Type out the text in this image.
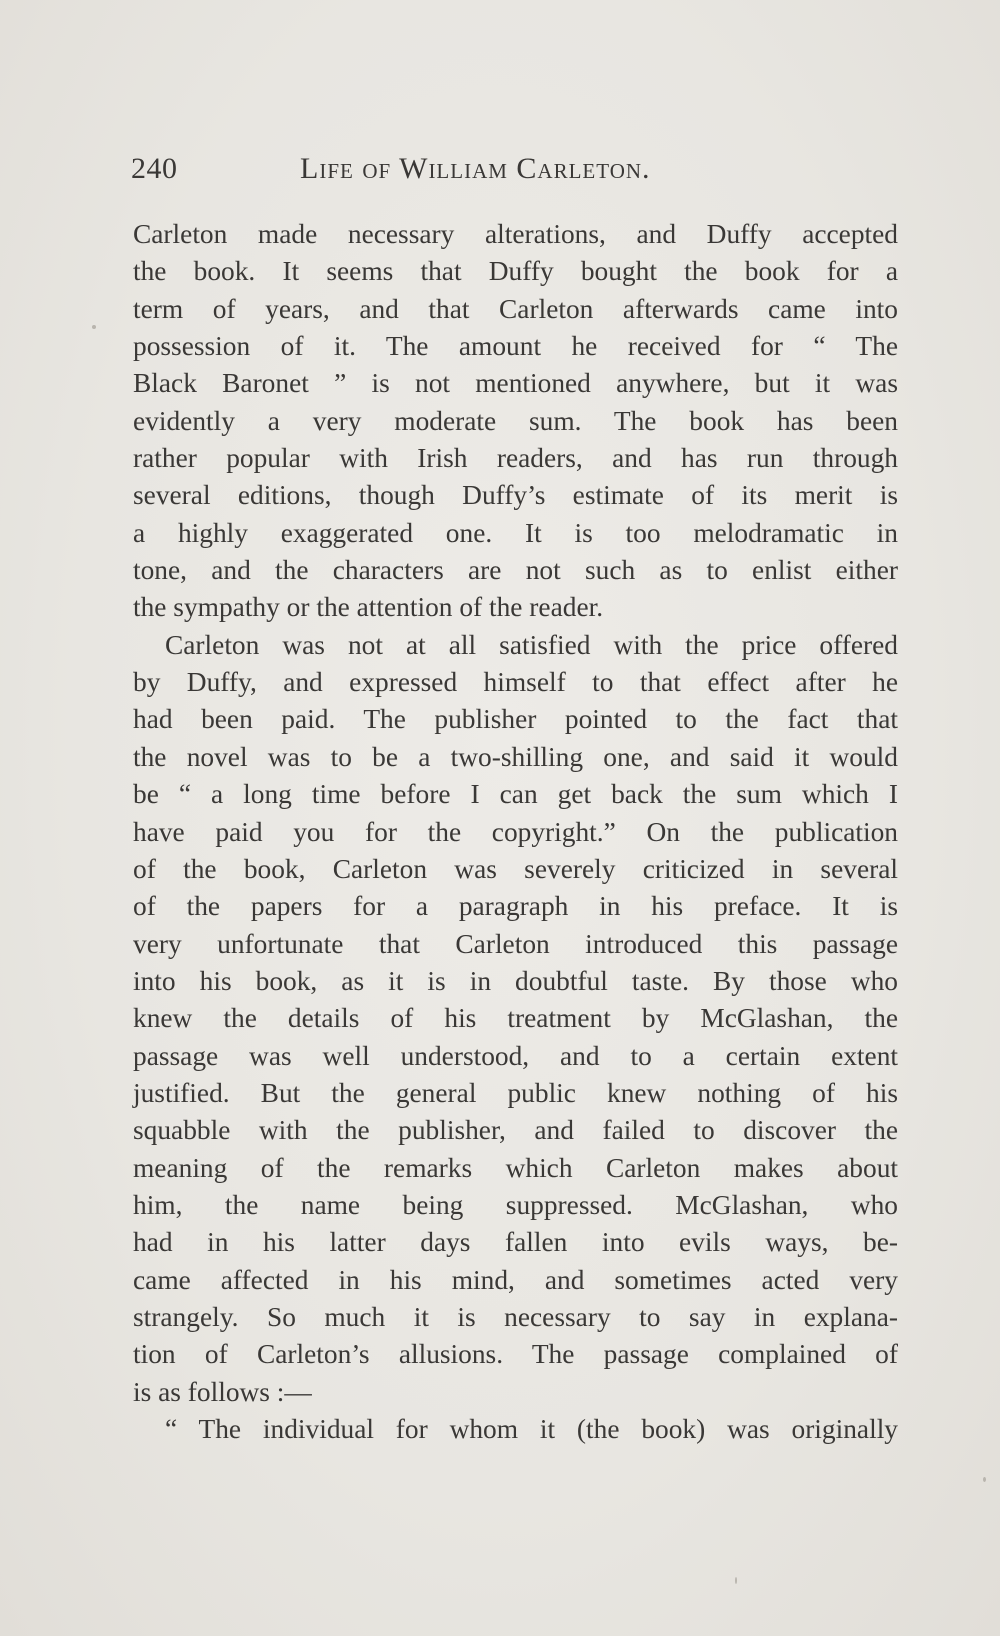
240	Life of William Carleton.
Carleton made necessary alterations, and Duffy accepted
the book. It seems that Duffy bought the book for a
term of years, and that Carleton afterwards came into
possession of it. The amount he received for “ The
Black Baronet ” is not mentioned anywhere, but it was
evidently a very moderate sum. The book has been
rather popular with Irish readers, and has run through
several editions, though Duffy’s estimate of its merit is
a highly exaggerated one. It is too melodramatic in
tone, and the characters are not such as to enlist either
the sympathy or the attention of the reader.
Carleton was not at all satisfied with the price offered
by Duffy, and expressed himself to that effect after he
had been paid. The publisher pointed to the fact that
the novel was to be a two-shilling one, and said it would
be “ a long time before I can get back the sum which I
have paid you for the copyright.” On the publication
of the book, Carleton was severely criticized in several
of the papers for a paragraph in his preface. It is
very unfortunate that Carleton introduced this passage
into his book, as it is in doubtful taste. By those who
knew the details of his treatment by McGlashan, the
passage was well understood, and to a certain extent
justified. But the general public knew nothing of his
squabble with the publisher, and failed to discover the
meaning of the remarks which Carleton makes about
him, the name being suppressed. McGlashan, who
had in his latter days fallen into evils ways, be-
came affected in his mind, and sometimes acted very
strangely. So much it is necessary to say in explana-
tion of Carleton’s allusions. The passage complained of
is as follows :—
“ The individual for whom it (the book) was originally
